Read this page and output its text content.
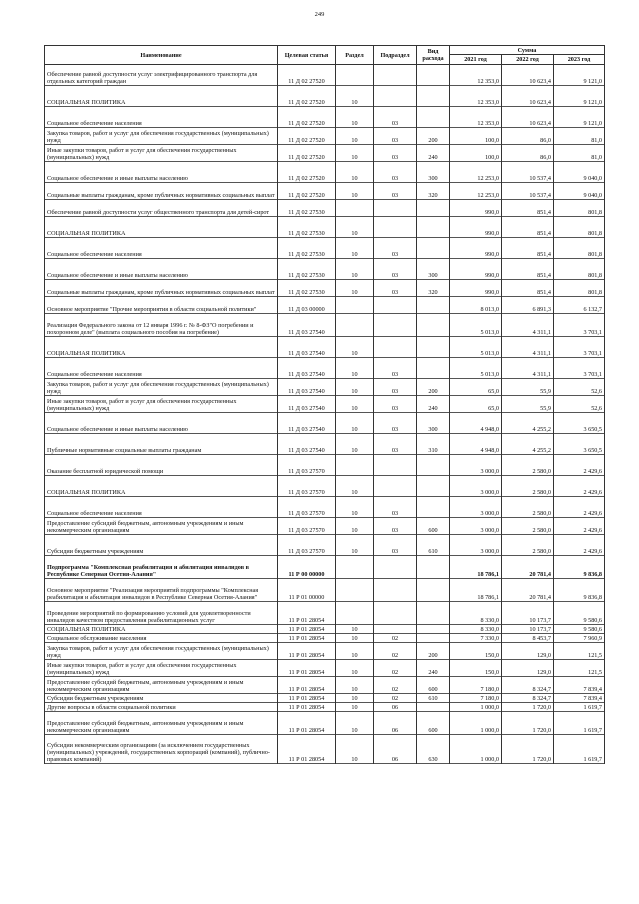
249
Наименование	Целевая статья	Раздел	Подраздел	Вид расхода	Сумма		
					2021 год	2022 год	2023 год
Обеспечение равной доступности услуг электрифицированного транспорта для отдельных категорий граждан	11 Д 02 27520				12 353,0	10 623,4	9 121,0
СОЦИАЛЬНАЯ ПОЛИТИКА	11 Д 02 27520	10			12 353,0	10 623,4	9 121,0
Социальное обеспечение населения	11 Д 02 27520	10	03		12 353,0	10 623,4	9 121,0
Закупка товаров, работ и услуг для обеспечения государственных (муниципальных) нужд	11 Д 02 27520	10	03	200	100,0	86,0	81,0
Иные закупки товаров, работ и услуг для обеспечения государственных (муниципальных) нужд	11 Д 02 27520	10	03	240	100,0	86,0	81,0
Социальное обеспечение и иные выплаты населению	11 Д 02 27520	10	03	300	12 253,0	10 537,4	9 040,0
Социальные выплаты гражданам, кроме публичных нормативных социальных выплат	11 Д 02 27520	10	03	320	12 253,0	10 537,4	9 040,0
Обеспечение равной доступности услуг общественного транспорта для детей-сирот	11 Д 02 27530				990,0	851,4	801,8
СОЦИАЛЬНАЯ ПОЛИТИКА	11 Д 02 27530	10			990,0	851,4	801,8
Социальное обеспечение населения	11 Д 02 27530	10	03		990,0	851,4	801,8
Социальное обеспечение и иные выплаты населению	11 Д 02 27530	10	03	300	990,0	851,4	801,8
Социальные выплаты гражданам, кроме публичных нормативных социальных выплат	11 Д 02 27530	10	03	320	990,0	851,4	801,8
Основное мероприятие "Прочие мероприятия в области социальной политики"	11 Д 03 00000				8 013,0	6 891,3	6 132,7
Реализация Федерального закона от 12 января 1996 г. № 8-ФЗ"О погребении и похоронном деле" (выплата социального пособия на погребение)	11 Д 03 27540				5 013,0	4 311,1	3 703,1
СОЦИАЛЬНАЯ ПОЛИТИКА	11 Д 03 27540	10			5 013,0	4 311,1	3 703,1
Социальное обеспечение населения	11 Д 03 27540	10	03		5 013,0	4 311,1	3 703,1
Закупка товаров, работ и услуг для обеспечения государственных (муниципальных) нужд	11 Д 03 27540	10	03	200	65,0	55,9	52,6
Иные закупки товаров, работ и услуг для обеспечения государственных (муниципальных) нужд	11 Д 03 27540	10	03	240	65,0	55,9	52,6
Социальное обеспечение и иные выплаты населению	11 Д 03 27540	10	03	300	4 948,0	4 255,2	3 650,5
Публичные нормативные социальные выплаты гражданам	11 Д 03 27540	10	03	310	4 948,0	4 255,2	3 650,5
Оказание бесплатной юридической помощи	11 Д 03 27570				3 000,0	2 580,0	2 429,6
СОЦИАЛЬНАЯ ПОЛИТИКА	11 Д 03 27570	10			3 000,0	2 580,0	2 429,6
Социальное обеспечение населения	11 Д 03 27570	10	03		3 000,0	2 580,0	2 429,6
Предоставление субсидий бюджетным, автономным учреждениям и иным некоммерческим организациям	11 Д 03 27570	10	03	600	3 000,0	2 580,0	2 429,6
Субсидии бюджетным учреждениям	11 Д 03 27570	10	03	610	3 000,0	2 580,0	2 429,6
Подпрограмма "Комплексная реабилитация и абилитация инвалидов в Республике Северная Осетия-Алания"	11 Р 00 00000				18 786,1	20 781,4	9 836,8
Основное мероприятие "Реализация мероприятий подпрограммы "Комплексная реабилитация и абилитация инвалидов в Республике Северная Осетия-Алания"	11 Р 01 00000				18 786,1	20 781,4	9 836,8
Проведение мероприятий по формированию условий для удовлетворенности инвалидов качеством предоставления реабилитационных услуг	11 Р 01 28054				8 330,0	10 173,7	9 580,6
СОЦИАЛЬНАЯ ПОЛИТИКА	11 Р 01 28054	10			8 330,0	10 173,7	9 580,6
Социальное обслуживание населения	11 Р 01 28054	10	02		7 330,0	8 453,7	7 960,9
Закупка товаров, работ и услуг для обеспечения государственных (муниципальных) нужд	11 Р 01 28054	10	02	200	150,0	129,0	121,5
Иные закупки товаров, работ и услуг для обеспечения государственных (муниципальных) нужд	11 Р 01 28054	10	02	240	150,0	129,0	121,5
Предоставление субсидий бюджетным, автономным учреждениям и иным некоммерческим организациям	11 Р 01 28054	10	02	600	7 180,0	8 324,7	7 839,4
Субсидии бюджетным учреждениям	11 Р 01 28054	10	02	610	7 180,0	8 324,7	7 839,4
Другие вопросы в области социальной политики	11 Р 01 28054	10	06		1 000,0	1 720,0	1 619,7
Предоставление субсидий бюджетным, автономным учреждениям и иным некоммерческим организациям	11 Р 01 28054	10	06	600	1 000,0	1 720,0	1 619,7
Субсидии некоммерческим организациям (за исключением государственных (муниципальных) учреждений, государственных корпораций (компаний), публично-правовых компаний)	11 Р 01 28054	10	06	630	1 000,0	1 720,0	1 619,7
